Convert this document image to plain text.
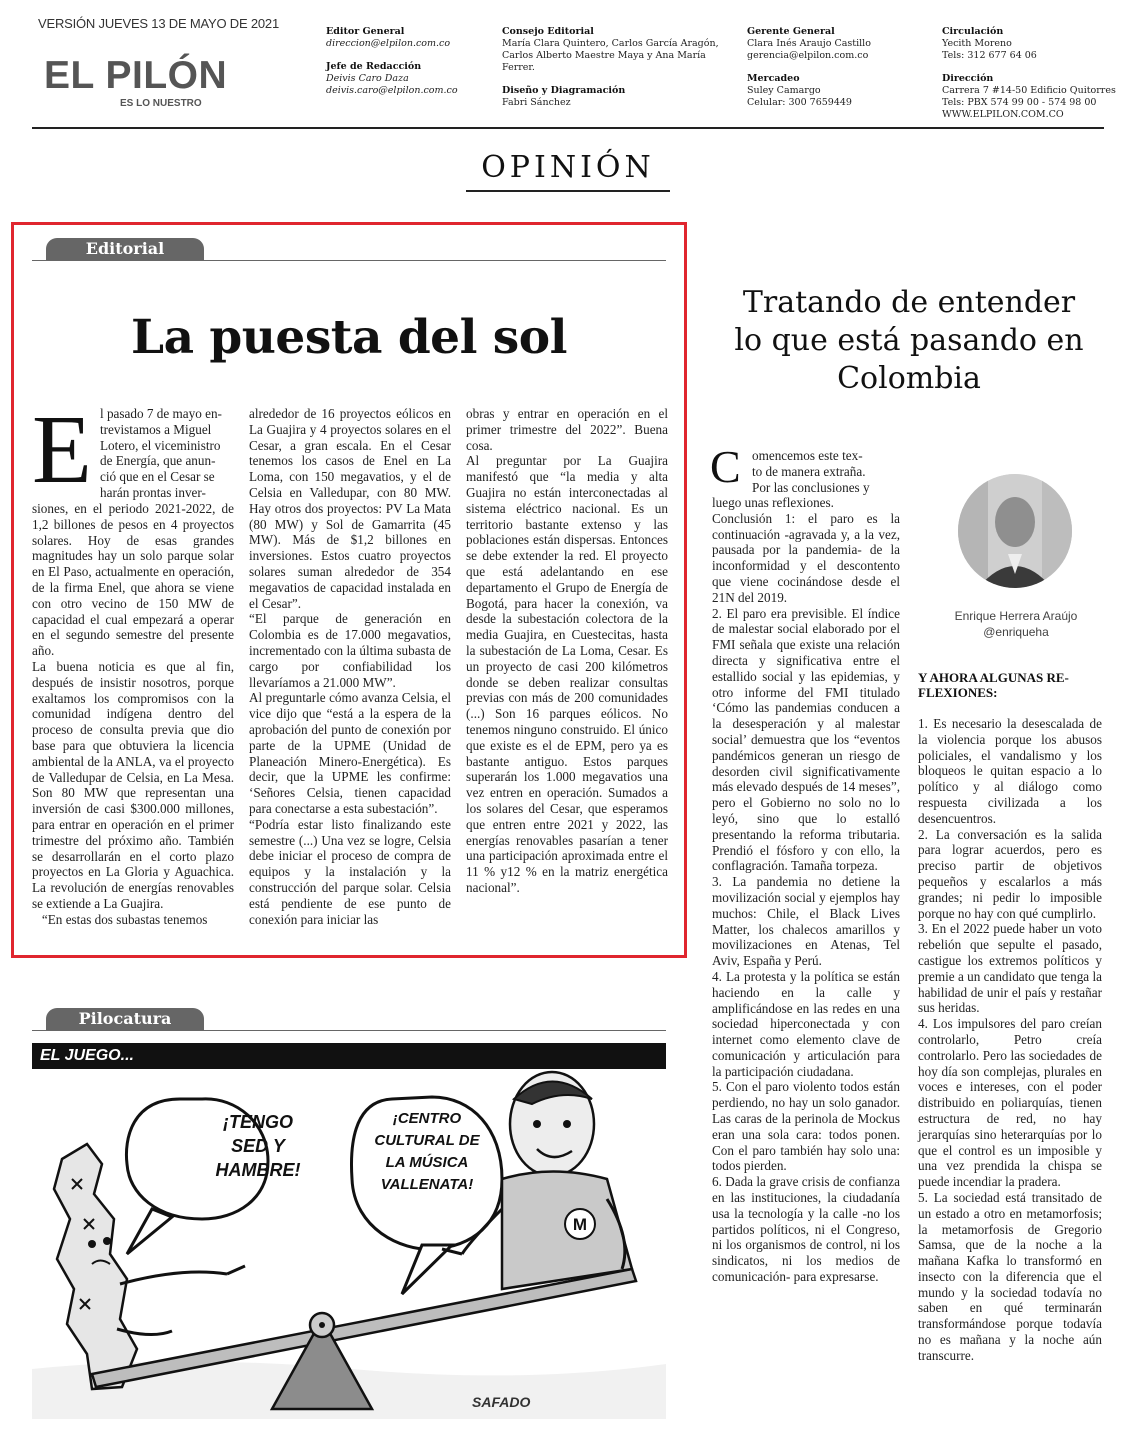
VERSIÓN JUEVES 13 DE MAYO DE 2021
EL PILÓN
ES LO NUESTRO
Editor General
direccion@elpilon.com.co
Jefe de Redacción
Deivis Caro Daza
deivis.caro@elpilon.com.co
Consejo Editorial
María Clara Quintero, Carlos García Aragón,
Carlos Alberto Maestre Maya y Ana María
Ferrer.
Diseño y Diagramación
Fabri Sánchez
Gerente General
Clara Inés Araujo Castillo
gerencia@elpilon.com.co
Mercadeo
Suley Camargo
Celular: 300 7659449
Circulación
Yecith Moreno
Tels: 312 677 64 06
Dirección
Carrera 7 #14-50 Edificio Quitorres
Tels: PBX 574 99 00 - 574 98 00
WWW.ELPILON.COM.CO
OPINIÓN
Editorial
La puesta del sol
E l pasado 7 de mayo en-
trevistamos a Miguel
Lotero, el viceministro
de Energía, que anun-
ció que en el Cesar se
harán prontas inver-
siones, en el periodo 2021-2022, de 1,2 billones de pesos en 4 proyectos solares. Hoy de esas grandes magnitudes hay un solo parque solar en El Paso, actualmente en operación, de la firma Enel, que ahora se viene con otro vecino de 150 MW de capacidad el cual empezará a operar en el segundo semestre del presente año.
La buena noticia es que al fin, después de insistir nosotros, porque exaltamos los compromisos con la comunidad indígena dentro del proceso de consulta previa que dio base para que obtuviera la licencia ambiental de la ANLA, va el proyecto de Valledupar de Celsia, en La Mesa. Son 80 MW que representan una inversión de casi $300.000 millones, para entrar en operación en el primer trimestre del próximo año. También se desarrollarán en el corto plazo proyectos en La Gloria y Aguachica. La revolución de energías renovables se extiende a La Guajira.
“En estas dos subastas tenemos
alrededor de 16 proyectos eólicos en La Guajira y 4 proyectos solares en el Cesar, a gran escala. En el Cesar tenemos los casos de Enel en La Loma, con 150 megavatios, y el de Celsia en Valledupar, con 80 MW. Hay otros dos proyectos: PV La Mata (80 MW) y Sol de Gamarrita (45 MW). Más de $1,2 billones en inversiones. Estos cuatro proyectos solares suman alrededor de 354 megavatios de capacidad instalada en el Cesar”.
“El parque de generación en Colombia es de 17.000 megavatios, incrementado con la última subasta de cargo por confiabilidad los llevaríamos a 21.000 MW”.
Al preguntarle cómo avanza Celsia, el vice dijo que “está a la espera de la aprobación del punto de conexión por parte de la UPME (Unidad de Planeación Minero-Energética). Es decir, que la UPME les confirme: ‘Señores Celsia, tienen capacidad para conectarse a esta subestación”.
“Podría estar listo finalizando este semestre (...) Una vez se logre, Celsia debe iniciar el proceso de compra de equipos y la instalación y la construcción del parque solar. Celsia está pendiente de ese punto de conexión para iniciar las
obras y entrar en operación en el primer trimestre del 2022”. Buena cosa.
Al preguntar por La Guajira manifestó que “la media y alta Guajira no están interconectadas al sistema eléctrico nacional. Es un territorio bastante extenso y las poblaciones están dispersas. Entonces se debe extender la red. El proyecto que está adelantando en ese departamento el Grupo de Energía de Bogotá, para hacer la conexión, va desde la subestación colectora de la media Guajira, en Cuestecitas, hasta la subestación de La Loma, Cesar. Es un proyecto de casi 200 kilómetros donde se deben realizar consultas previas con más de 200 comunidades (...) Son 16 parques eólicos. No tenemos ninguno construido. El único que existe es el de EPM, pero ya es bastante antiguo. Estos parques superarán los 1.000 megavatios una vez entren en operación. Sumados a los solares del Cesar, que esperamos que entren entre 2021 y 2022, las energías renovables pasarían a tener una participación aproximada entre el 11 % y12 % en la matriz energética nacional”.
Pilocatura
EL JUEGO...
M
SAFADO
¡TENGO
SED Y
HAMBRE!
¡CENTRO
CULTURAL DE
LA MÚSICA
VALLENATA!
Tratando de entender
lo que está pasando en
Colombia
C omencemos este tex-
to de manera extraña.
Por las conclusiones y
luego unas reflexiones.
Conclusión 1: el paro es la continuación -agravada y, a la vez, pausada por la pandemia- de la inconformidad y el descontento que viene cocinándose desde el 21N del 2019.
2. El paro era previsible. El índice de malestar social elaborado por el FMI señala que existe una relación directa y significativa entre el estallido social y las epidemias, y otro informe del FMI titulado ‘Cómo las pandemias conducen a la desesperación y al malestar social’ demuestra que los “eventos pandémicos generan un riesgo de desorden civil significativamente más elevado después de 14 meses”, pero el Gobierno no solo no lo leyó, sino que lo estalló presentando la reforma tributaria. Prendió el fósforo y con ello, la conflagración. Tamaña torpeza.
3. La pandemia no detiene la movilización social y ejemplos hay muchos: Chile, el Black Lives Matter, los chalecos amarillos y movilizaciones en Atenas, Tel Aviv, España y Perú.
4. La protesta y la política se están haciendo en la calle y amplificándose en las redes en una sociedad hiperconectada y con internet como elemento clave de comunicación y articulación para la participación ciudadana.
5. Con el paro violento todos están perdiendo, no hay un solo ganador. Las caras de la perinola de Mockus eran una sola cara: todos ponen. Con el paro también hay solo una: todos pierden.
6. Dada la grave crisis de confianza en las instituciones, la ciudadanía usa la tecnología y la calle -no los partidos políticos, ni el Congreso, ni los organismos de control, ni los sindicatos, ni los medios de comunicación- para expresarse.
Enrique Herrera Araújo
@enriqueha
Y AHORA ALGUNAS RE-
FLEXIONES:
1. Es necesario la desescalada de la violencia porque los abusos policiales, el vandalismo y los bloqueos le quitan espacio a lo político y al diálogo como respuesta civilizada a los desencuentros.
2. La conversación es la salida para lograr acuerdos, pero es preciso partir de objetivos pequeños y escalarlos a más grandes; ni pedir lo imposible porque no hay con qué cumplirlo.
3. En el 2022 puede haber un voto rebelión que sepulte el pasado, castigue los extremos políticos y premie a un candidato que tenga la habilidad de unir el país y restañar sus heridas.
4. Los impulsores del paro creían controlarlo, Petro creía controlarlo. Pero las sociedades de hoy día son complejas, plurales en voces e intereses, con el poder distribuido en poliarquías, tienen estructura de red, no hay jerarquías sino heterarquías por lo que el control es un imposible y una vez prendida la chispa se puede incendiar la pradera.
5. La sociedad está transitado de un estado a otro en metamorfosis; la metamorfosis de Gregorio Samsa, que de la noche a la mañana Kafka lo transformó en insecto con la diferencia que el mundo y la sociedad todavía no saben en qué terminarán transformándose porque todavía no es mañana y la noche aún transcurre.
